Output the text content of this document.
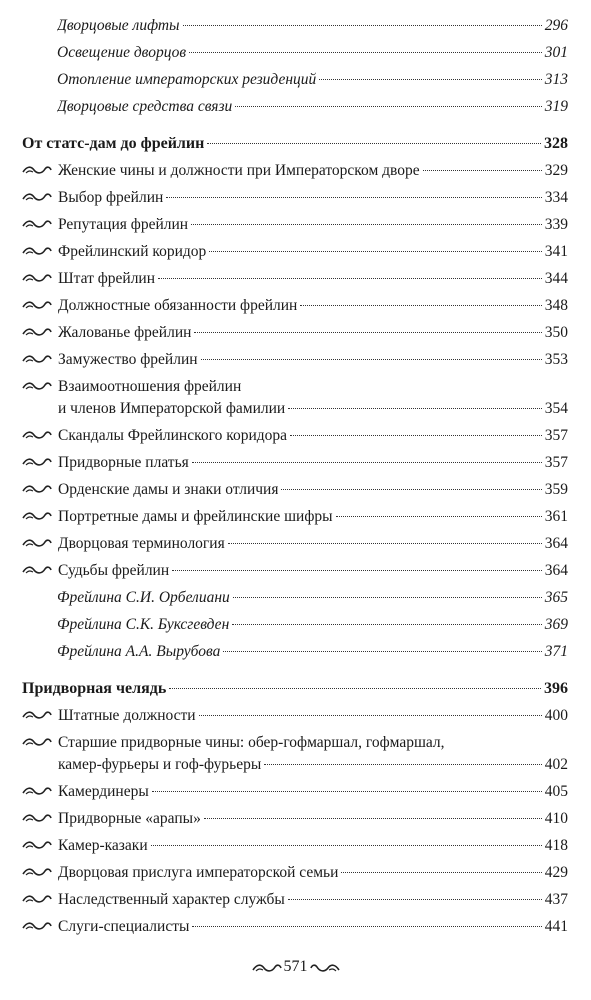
Дворцовые лифты	296
Освещение дворцов	301
Отопление императорских резиденций	313
Дворцовые средства связи	319
От статс-дам до фрейлин	328
Женские чины и должности при Императорском дворе	329
Выбор фрейлин	334
Репутация фрейлин	339
Фрейлинский коридор	341
Штат фрейлин	344
Должностные обязанности фрейлин	348
Жалованье фрейлин	350
Замужество фрейлин	353
Взаимоотношения фрейлин
и членов Императорской фамилии	354
Скандалы Фрейлинского коридора	357
Придворные платья	357
Орденские дамы и знаки отличия	359
Портретные дамы и фрейлинские шифры	361
Дворцовая терминология	364
Судьбы фрейлин	364
Фрейлина С.И. Орбелиани	365
Фрейлина С.К. Буксгевден	369
Фрейлина А.А. Вырубова	371
Придворная челядь	396
Штатные должности	400
Старшие придворные чины: обер-гофмаршал, гофмаршал,
камер-фурьеры и гоф-фурьеры	402
Камердинеры	405
Придворные «арапы»	410
Камер-казаки	418
Дворцовая прислуга императорской семьи	429
Наследственный характер службы	437
Слуги-специалисты	441
571
